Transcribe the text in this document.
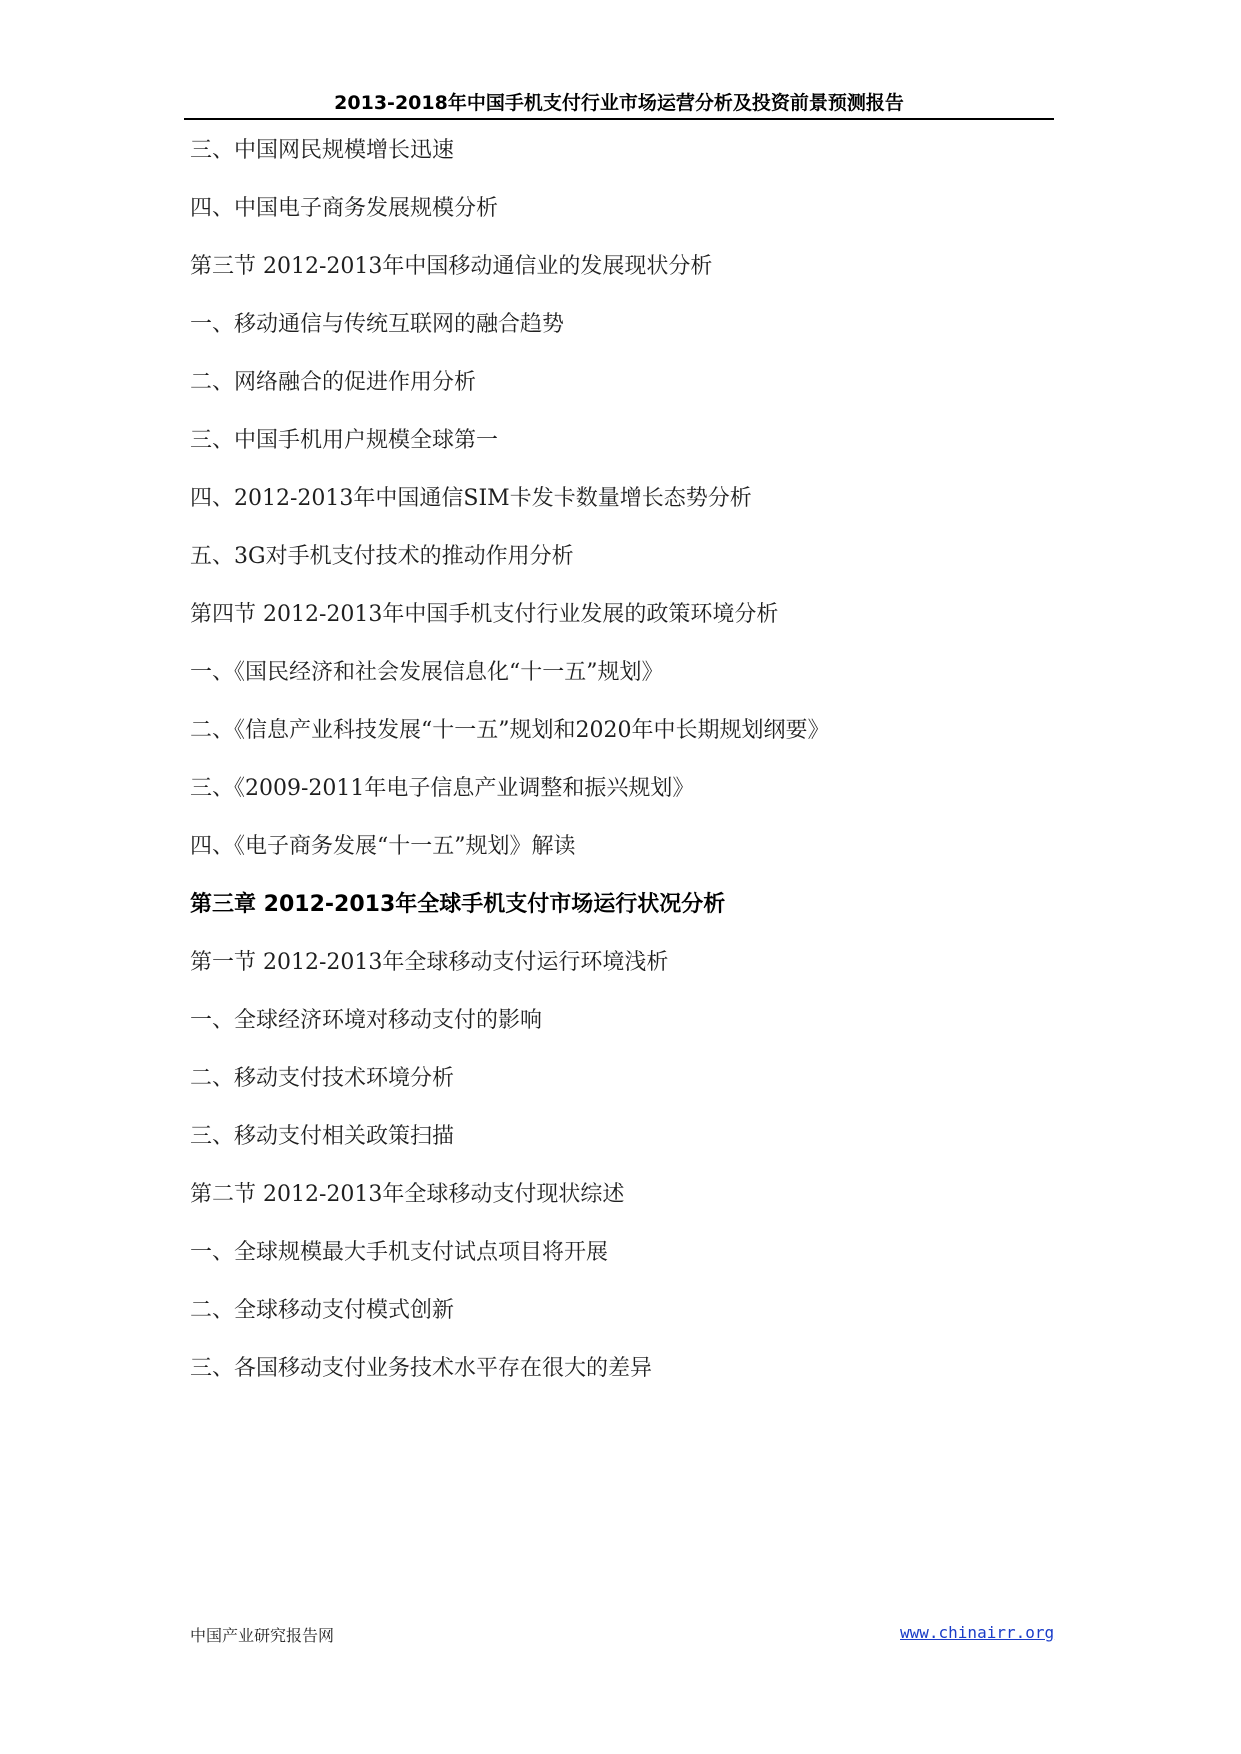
2013-2018年中国手机支付行业市场运营分析及投资前景预测报告
三、中国网民规模增长迅速
四、中国电子商务发展规模分析
第三节 2012-2013年中国移动通信业的发展现状分析
一、移动通信与传统互联网的融合趋势
二、网络融合的促进作用分析
三、中国手机用户规模全球第一
四、2012-2013年中国通信SIM卡发卡数量增长态势分析
五、3G对手机支付技术的推动作用分析
第四节 2012-2013年中国手机支付行业发展的政策环境分析
一、《国民经济和社会发展信息化“十一五”规划》
二、《信息产业科技发展“十一五”规划和2020年中长期规划纲要》
三、《2009-2011年电子信息产业调整和振兴规划》
四、《电子商务发展“十一五”规划》解读
第三章 2012-2013年全球手机支付市场运行状况分析
第一节 2012-2013年全球移动支付运行环境浅析
一、全球经济环境对移动支付的影响
二、移动支付技术环境分析
三、移动支付相关政策扫描
第二节 2012-2013年全球移动支付现状综述
一、全球规模最大手机支付试点项目将开展
二、全球移动支付模式创新
三、各国移动支付业务技术水平存在很大的差异
中国产业研究报告网	www.chinairr.org
